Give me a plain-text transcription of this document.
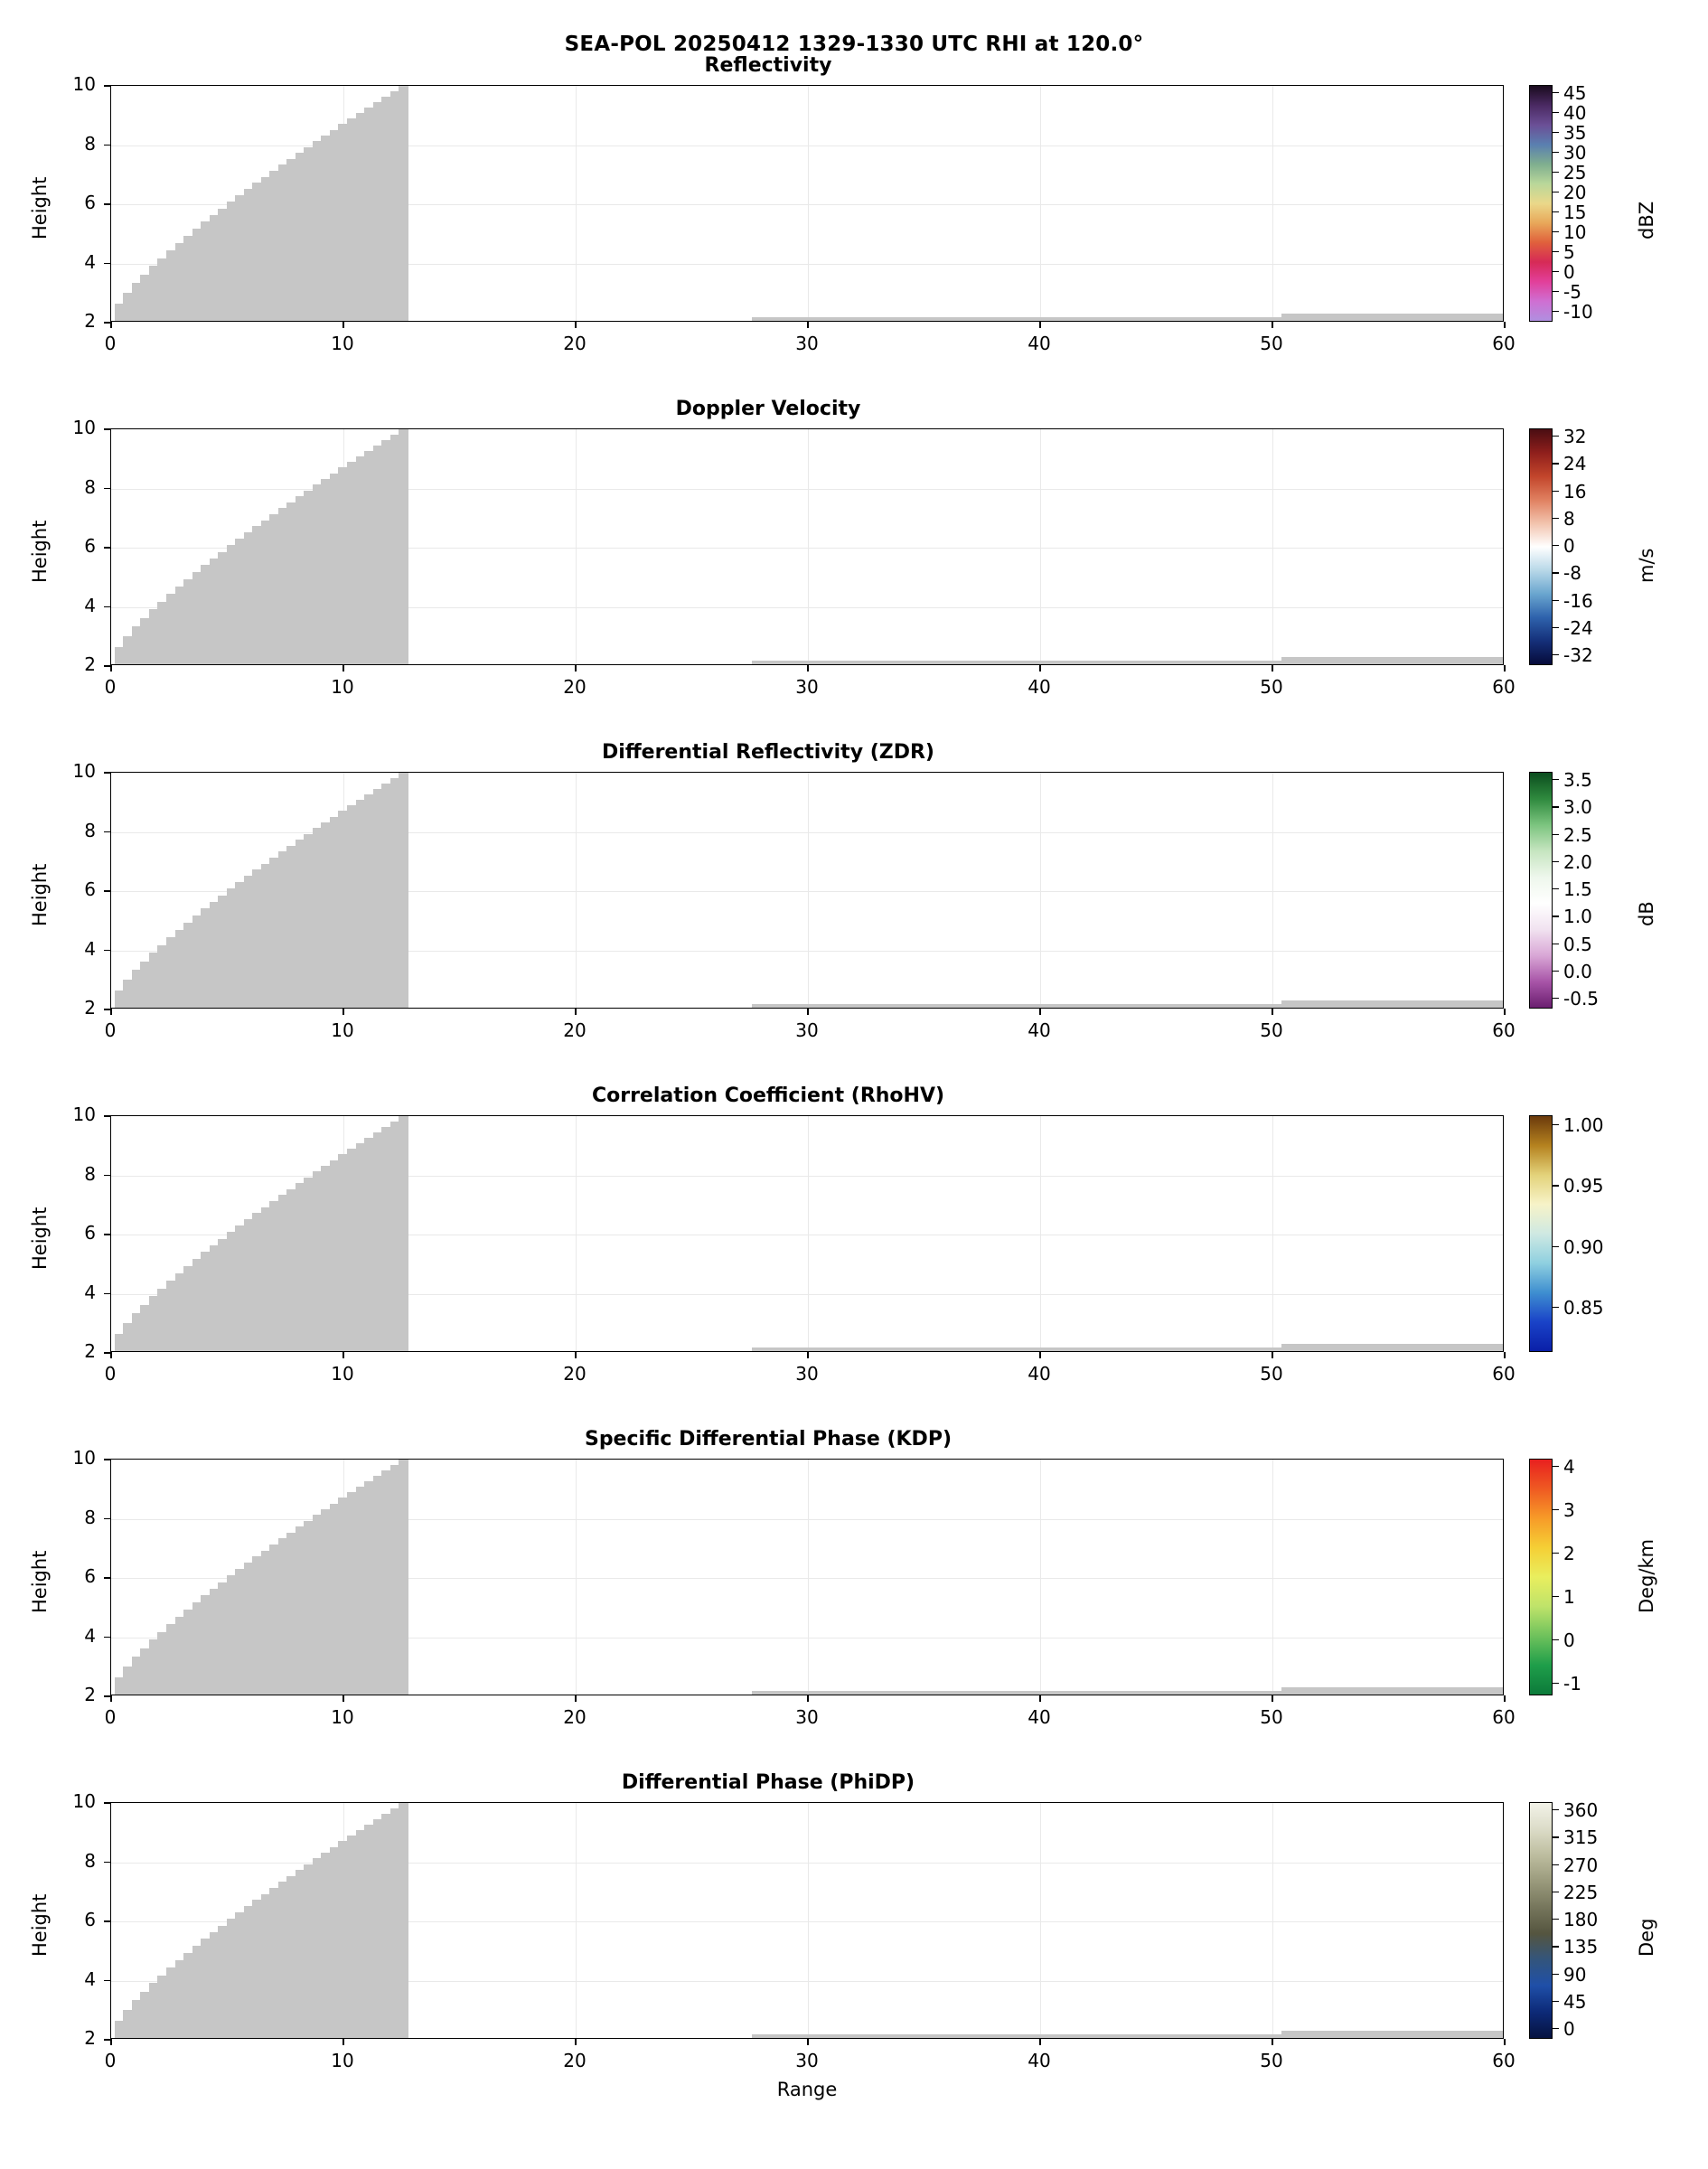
SEA-POL 20250412 1329-1330 UTC RHI at 120.0°
Reflectivity
2
4
6
8
10
0	10	20	30	40	50	60
Height
45
40
35
30
25
20
15
10
5
0
-5
-10
dBZ
Doppler Velocity
2
4
6
8
10
0	10	20	30	40	50	60
Height
32
24
16
8
0
-8
-16
-24
-32
m/s
Differential Reflectivity (ZDR)
2
4
6
8
10
0	10	20	30	40	50	60
Height
3.5
3.0
2.5
2.0
1.5
1.0
0.5
0.0
-0.5
dB
Correlation Coefficient (RhoHV)
2
4
6
8
10
0	10	20	30	40	50	60
Height
1.00
0.95
0.90
0.85
Specific Differential Phase (KDP)
2
4
6
8
10
0	10	20	30	40	50	60
Height
4
3
2
1
0
-1
Deg/km
Differential Phase (PhiDP)
2
4
6
8
10
0	10	20	30	40	50	60
Height
Range
360
315
270
225
180
135
90
45
0
Deg
